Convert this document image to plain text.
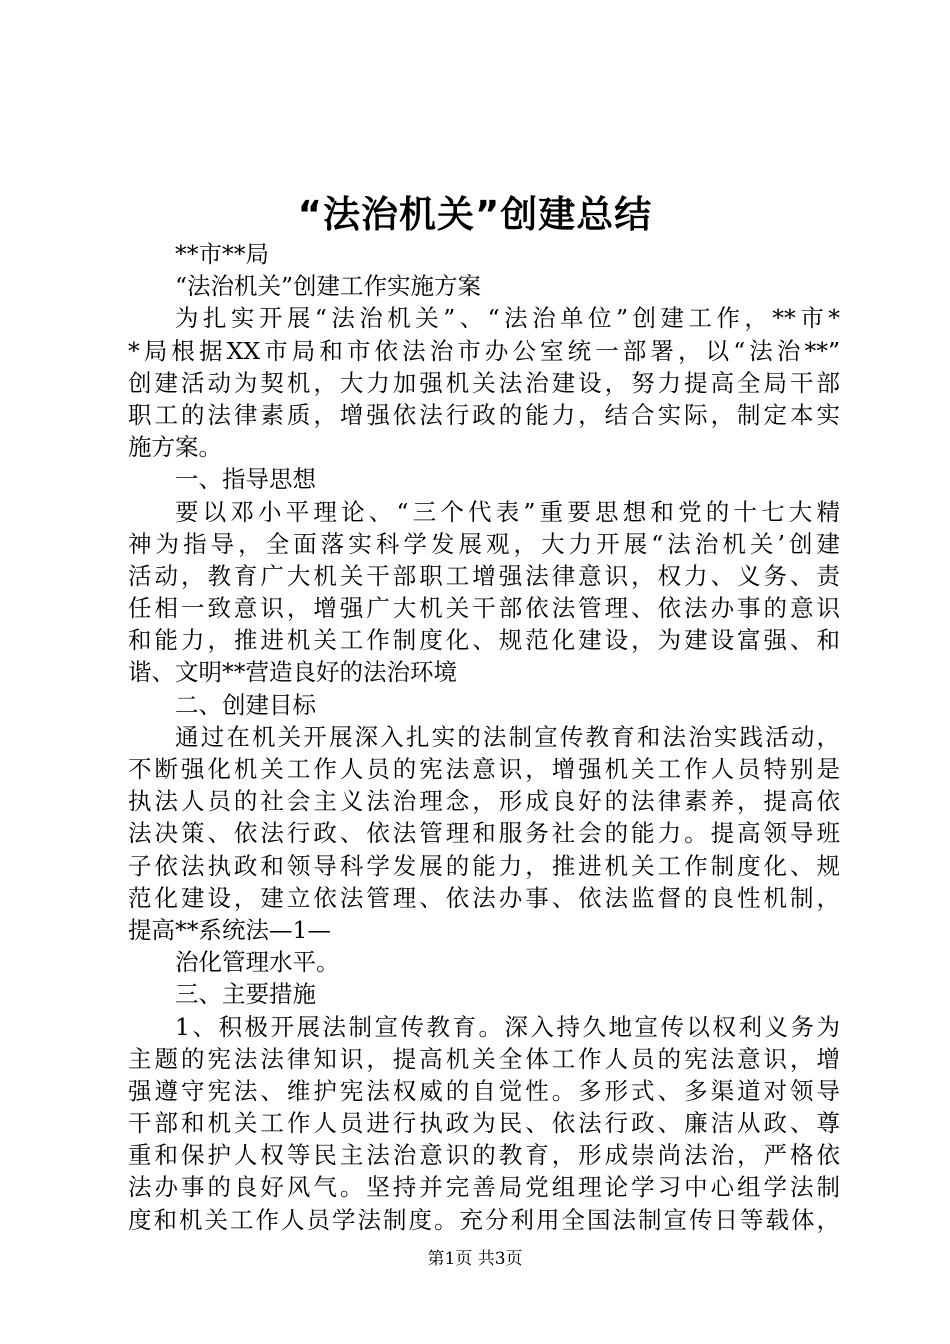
“法治机关”创建总结
**市**局
“法治机关”创建工作实施方案
为扎实开展“法治机关”、“法治单位”创建工作，**市*
*局根据XX市局和市依法治市办公室统一部署，以“法治**”
创建活动为契机，大力加强机关法治建设，努力提高全局干部
职工的法律素质，增强依法行政的能力，结合实际，制定本实
施方案。
一、指导思想
要以邓小平理论、“三个代表”重要思想和党的十七大精
神为指导，全面落实科学发展观，大力开展“法治机关’创建
活动，教育广大机关干部职工增强法律意识，权力、义务、责
任相一致意识，增强广大机关干部依法管理、依法办事的意识
和能力，推进机关工作制度化、规范化建设，为建设富强、和
谐、文明**营造良好的法治环境
二、创建目标
通过在机关开展深入扎实的法制宣传教育和法治实践活动，
不断强化机关工作人员的宪法意识，增强机关工作人员特别是
执法人员的社会主义法治理念，形成良好的法律素养，提高依
法决策、依法行政、依法管理和服务社会的能力。提高领导班
子依法执政和领导科学发展的能力，推进机关工作制度化、规
范化建设，建立依法管理、依法办事、依法监督的良性机制，
提高**系统法—1—
治化管理水平。
三、主要措施
1、积极开展法制宣传教育。深入持久地宣传以权利义务为
主题的宪法法律知识，提高机关全体工作人员的宪法意识，增
强遵守宪法、维护宪法权威的自觉性。多形式、多渠道对领导
干部和机关工作人员进行执政为民、依法行政、廉洁从政、尊
重和保护人权等民主法治意识的教育，形成崇尚法治，严格依
法办事的良好风气。坚持并完善局党组理论学习中心组学法制
度和机关工作人员学法制度。充分利用全国法制宣传日等载体，
第1页 共3页
